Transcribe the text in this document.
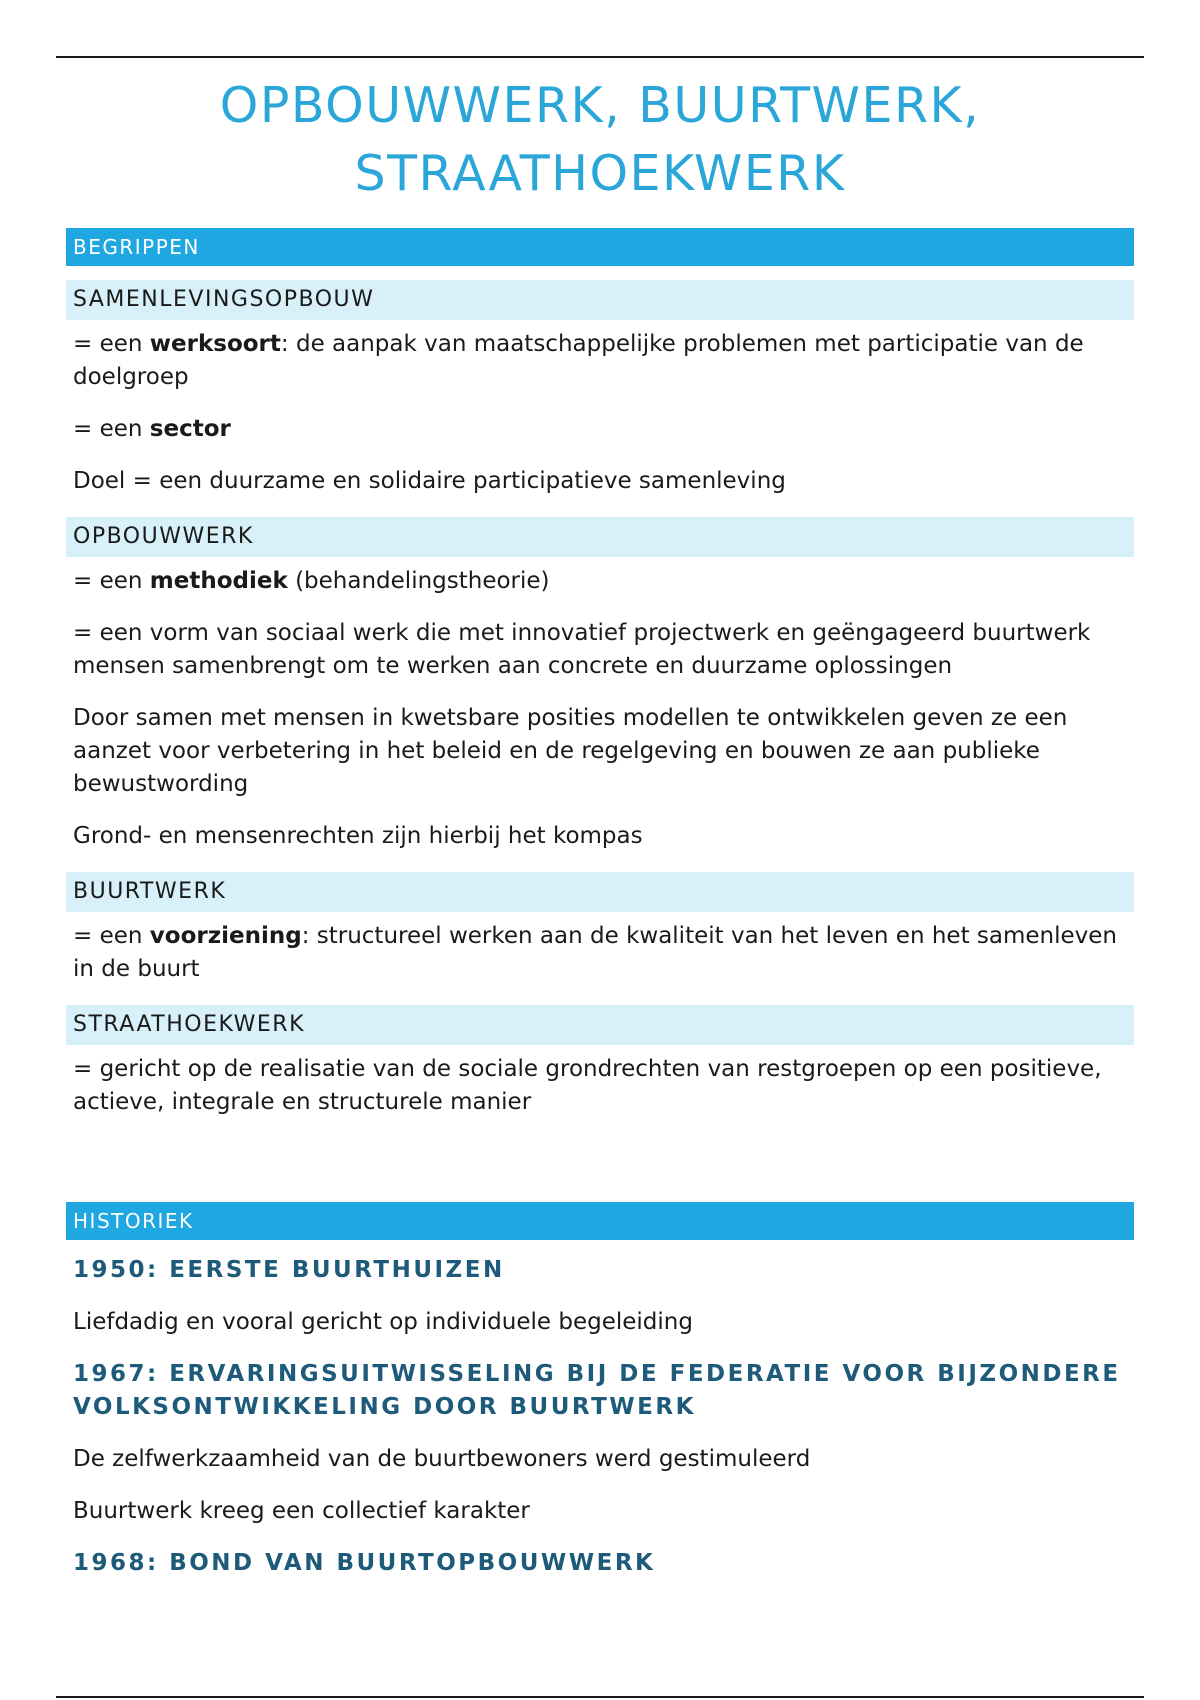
OPBOUWWERK, BUURTWERK,
STRAATHOEKWERK
BEGRIPPEN
SAMENLEVINGSOPBOUW

= een werksoort: de aanpak van maatschappelijke problemen met participatie van de doelgroep

= een sector

Doel = een duurzame en solidaire participatieve samenleving

OPBOUWWERK

= een methodiek (behandelingstheorie)

= een vorm van sociaal werk die met innovatief projectwerk en geëngageerd buurtwerk mensen samenbrengt om te werken aan concrete en duurzame oplossingen

Door samen met mensen in kwetsbare posities modellen te ontwikkelen geven ze een aanzet voor verbetering in het beleid en de regelgeving en bouwen ze aan publieke bewustwording

Grond- en mensenrechten zijn hierbij het kompas

BUURTWERK

= een voorziening: structureel werken aan de kwaliteit van het leven en het samenleven in de buurt

STRAATHOEKWERK

= gericht op de realisatie van de sociale grondrechten van restgroepen op een positieve, actieve, integrale en structurele manier

HISTORIEK
1950: EERSTE BUURTHUIZEN

Liefdadig en vooral gericht op individuele begeleiding

1967: ERVARINGSUITWISSELING BIJ DE FEDERATIE VOOR BIJZONDERE VOLKSONTWIKKELING DOOR BUURTWERK

De zelfwerkzaamheid van de buurtbewoners werd gestimuleerd

Buurtwerk kreeg een collectief karakter

1968: BOND VAN BUURTOPBOUWWERK
